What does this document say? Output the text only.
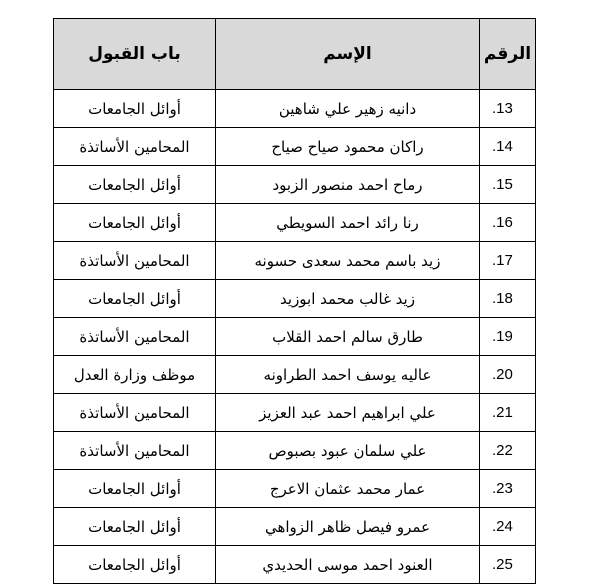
الرقم	الإسم	باب القبول
.13	دانيه زهير علي شاهين	أوائل الجامعات
.14	راكان محمود صياح صياح	المحامين الأساتذة
.15	رماح احمد منصور الزبود	أوائل الجامعات
.16	رنا رائد احمد السويطي	أوائل الجامعات
.17	زيد باسم محمد سعدى حسونه	المحامين الأساتذة
.18	زيد غالب محمد ابوزيد	أوائل الجامعات
.19	طارق سالم احمد القلاب	المحامين الأساتذة
.20	عاليه يوسف احمد الطراونه	موظف وزارة العدل
.21	علي ابراهيم احمد عبد العزيز	المحامين الأساتذة
.22	علي سلمان عبود بصبوص	المحامين الأساتذة
.23	عمار محمد عثمان الاعرج	أوائل الجامعات
.24	عمرو فيصل ظاهر الزواهي	أوائل الجامعات
.25	العنود احمد موسى الحديدي	أوائل الجامعات
